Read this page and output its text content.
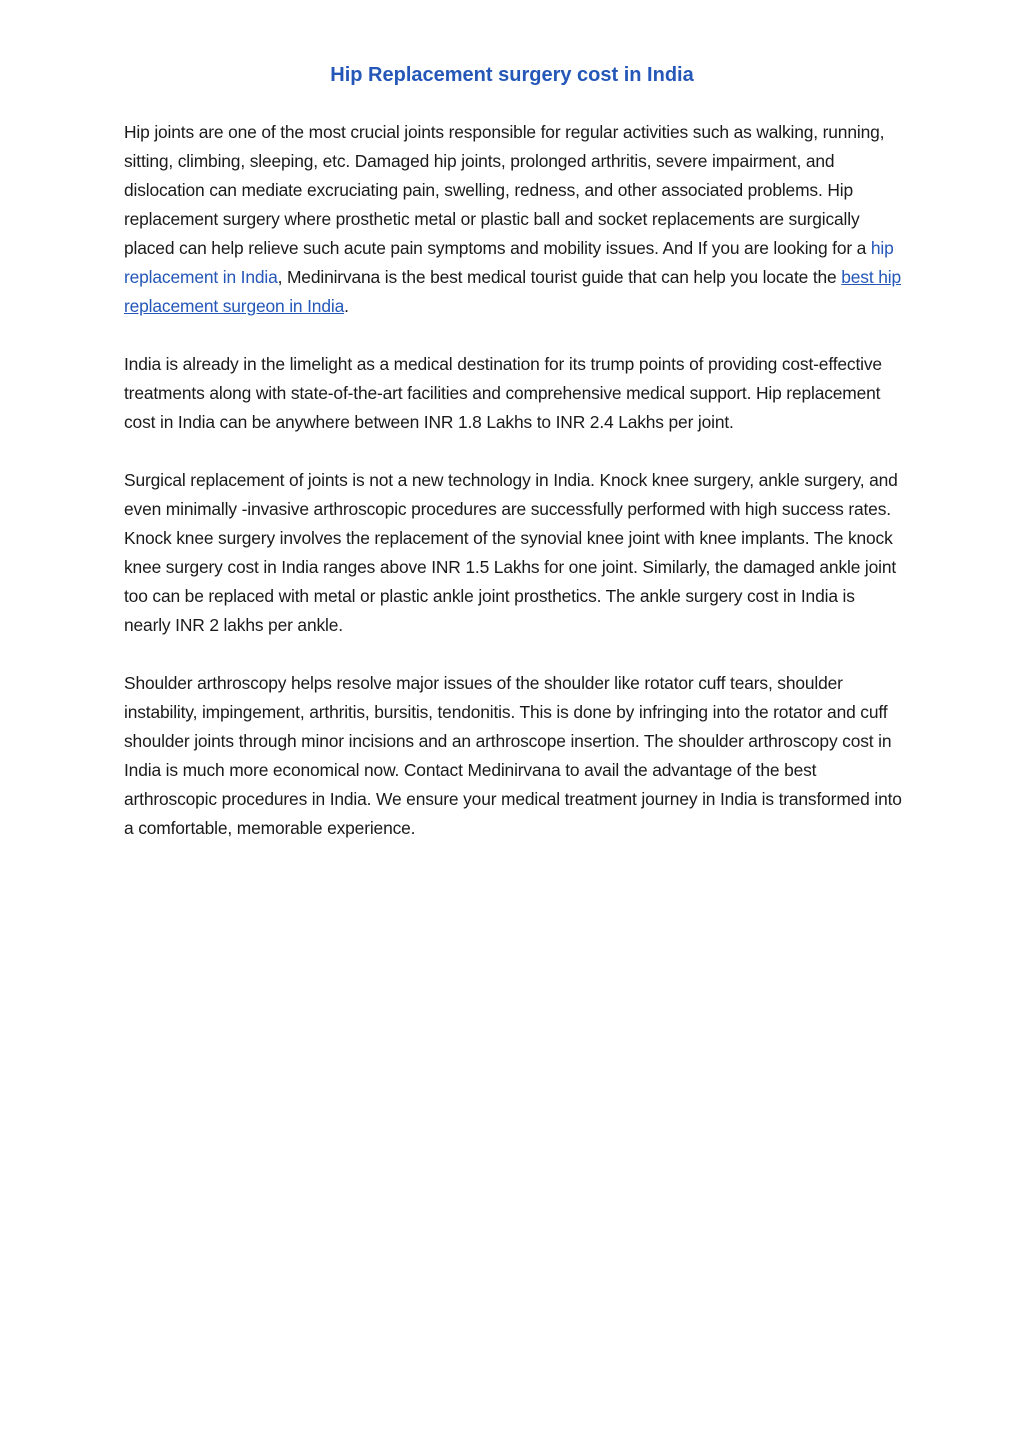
Hip Replacement surgery cost in India

Hip joints are one of the most crucial joints responsible for regular activities such as walking, running, sitting, climbing, sleeping, etc. Damaged hip joints, prolonged arthritis, severe impairment, and dislocation can mediate excruciating pain, swelling, redness, and other associated problems. Hip replacement surgery where prosthetic metal or plastic ball and socket replacements are surgically placed can help relieve such acute pain symptoms and mobility issues. And If you are looking for a hip replacement in India, Medinirvana is the best medical tourist guide that can help you locate the best hip replacement surgeon in India.

India is already in the limelight as a medical destination for its trump points of providing cost-effective treatments along with state-of-the-art facilities and comprehensive medical support. Hip replacement cost in India can be anywhere between INR 1.8 Lakhs to INR 2.4 Lakhs per joint.

Surgical replacement of joints is not a new technology in India. Knock knee surgery, ankle surgery, and even minimally -invasive arthroscopic procedures are successfully performed with high success rates. Knock knee surgery involves the replacement of the synovial knee joint with knee implants. The knock knee surgery cost in India ranges above INR 1.5 Lakhs for one joint. Similarly, the damaged ankle joint too can be replaced with metal or plastic ankle joint prosthetics. The ankle surgery cost in India is nearly INR 2 lakhs per ankle.

Shoulder arthroscopy helps resolve major issues of the shoulder like rotator cuff tears, shoulder instability, impingement, arthritis, bursitis, tendonitis. This is done by infringing into the rotator and cuff shoulder joints through minor incisions and an arthroscope insertion. The shoulder arthroscopy cost in India is much more economical now. Contact Medinirvana to avail the advantage of the best arthroscopic procedures in India. We ensure your medical treatment journey in India is transformed into a comfortable, memorable experience.
